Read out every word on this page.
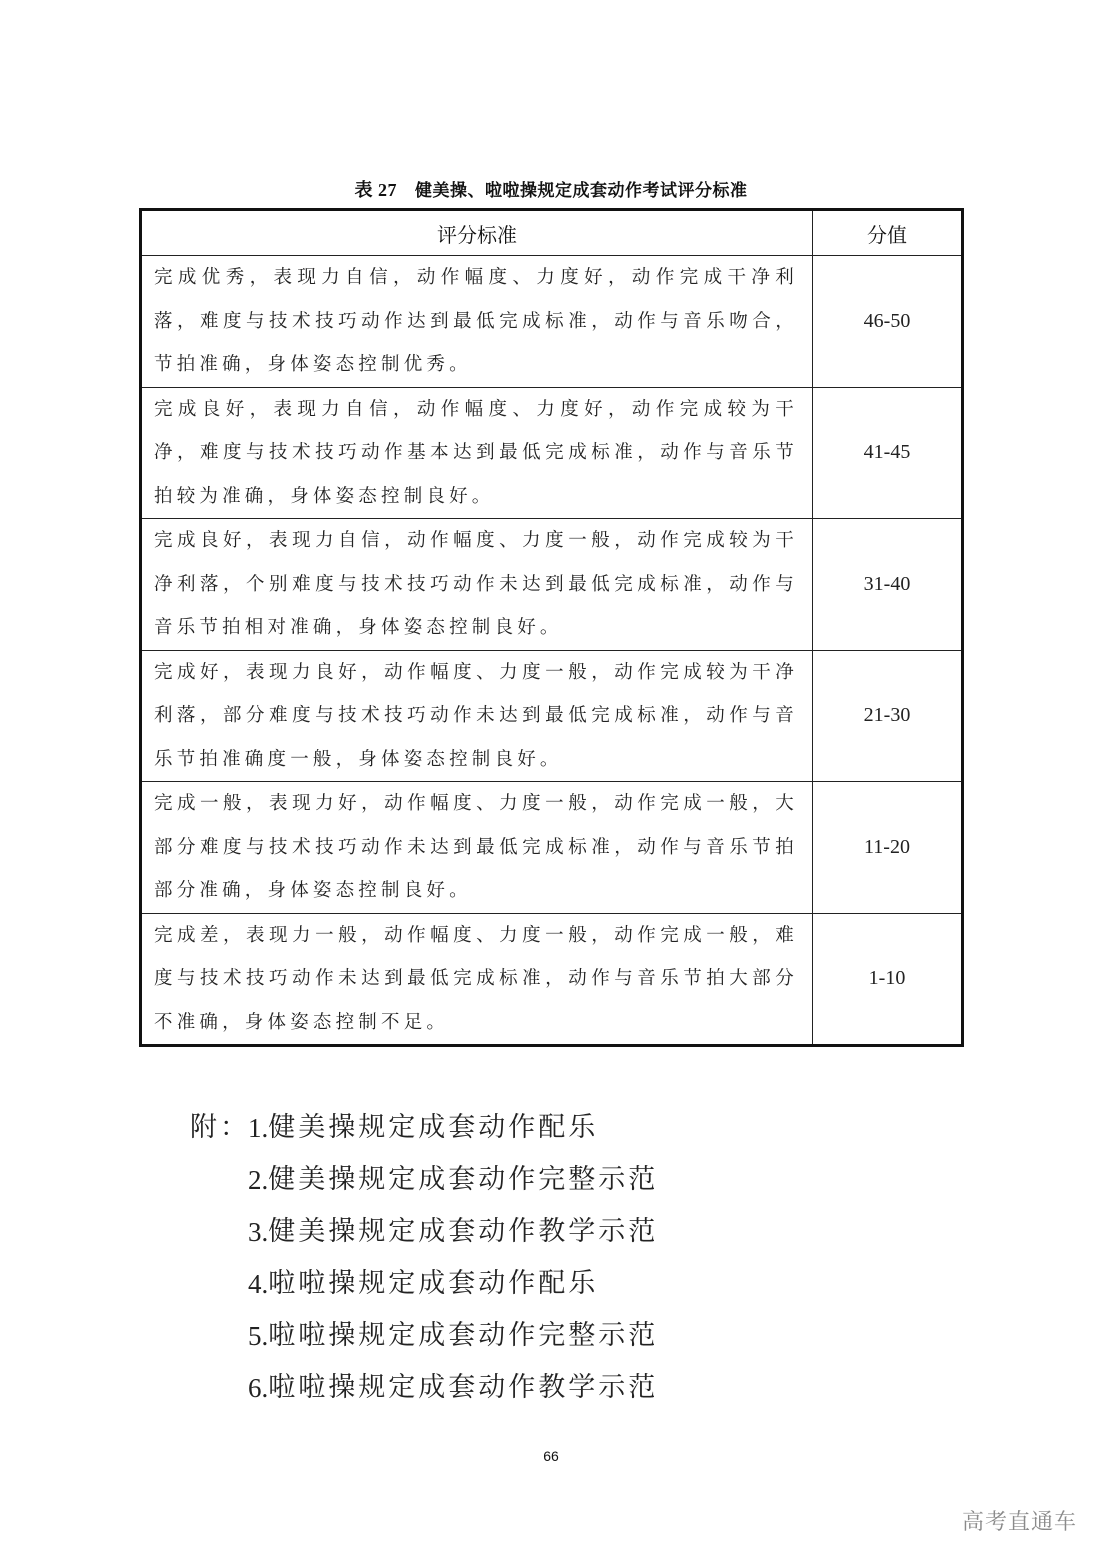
表 27 健美操、啦啦操规定成套动作考试评分标准
评分标准	分值
完成优秀，表现力自信，动作幅度、力度好，动作完成干净利落，难度与技术技巧动作达到最低完成标准，动作与音乐吻合，节拍准确，身体姿态控制优秀。	46-50
完成良好，表现力自信，动作幅度、力度好，动作完成较为干净，难度与技术技巧动作基本达到最低完成标准，动作与音乐节拍较为准确，身体姿态控制良好。	41-45
完成良好，表现力自信，动作幅度、力度一般，动作完成较为干净利落，个别难度与技术技巧动作未达到最低完成标准，动作与音乐节拍相对准确，身体姿态控制良好。	31-40
完成好，表现力良好，动作幅度、力度一般，动作完成较为干净利落，部分难度与技术技巧动作未达到最低完成标准，动作与音乐节拍准确度一般，身体姿态控制良好。	21-30
完成一般，表现力好，动作幅度、力度一般，动作完成一般，大部分难度与技术技巧动作未达到最低完成标准，动作与音乐节拍部分准确，身体姿态控制良好。	11-20
完成差，表现力一般，动作幅度、力度一般，动作完成一般，难度与技术技巧动作未达到最低完成标准，动作与音乐节拍大部分不准确，身体姿态控制不足。	1-10
附：
1. 健美操规定成套动作配乐
2. 健美操规定成套动作完整示范
3. 健美操规定成套动作教学示范
4. 啦啦操规定成套动作配乐
5. 啦啦操规定成套动作完整示范
6. 啦啦操规定成套动作教学示范
66
高考直通车
